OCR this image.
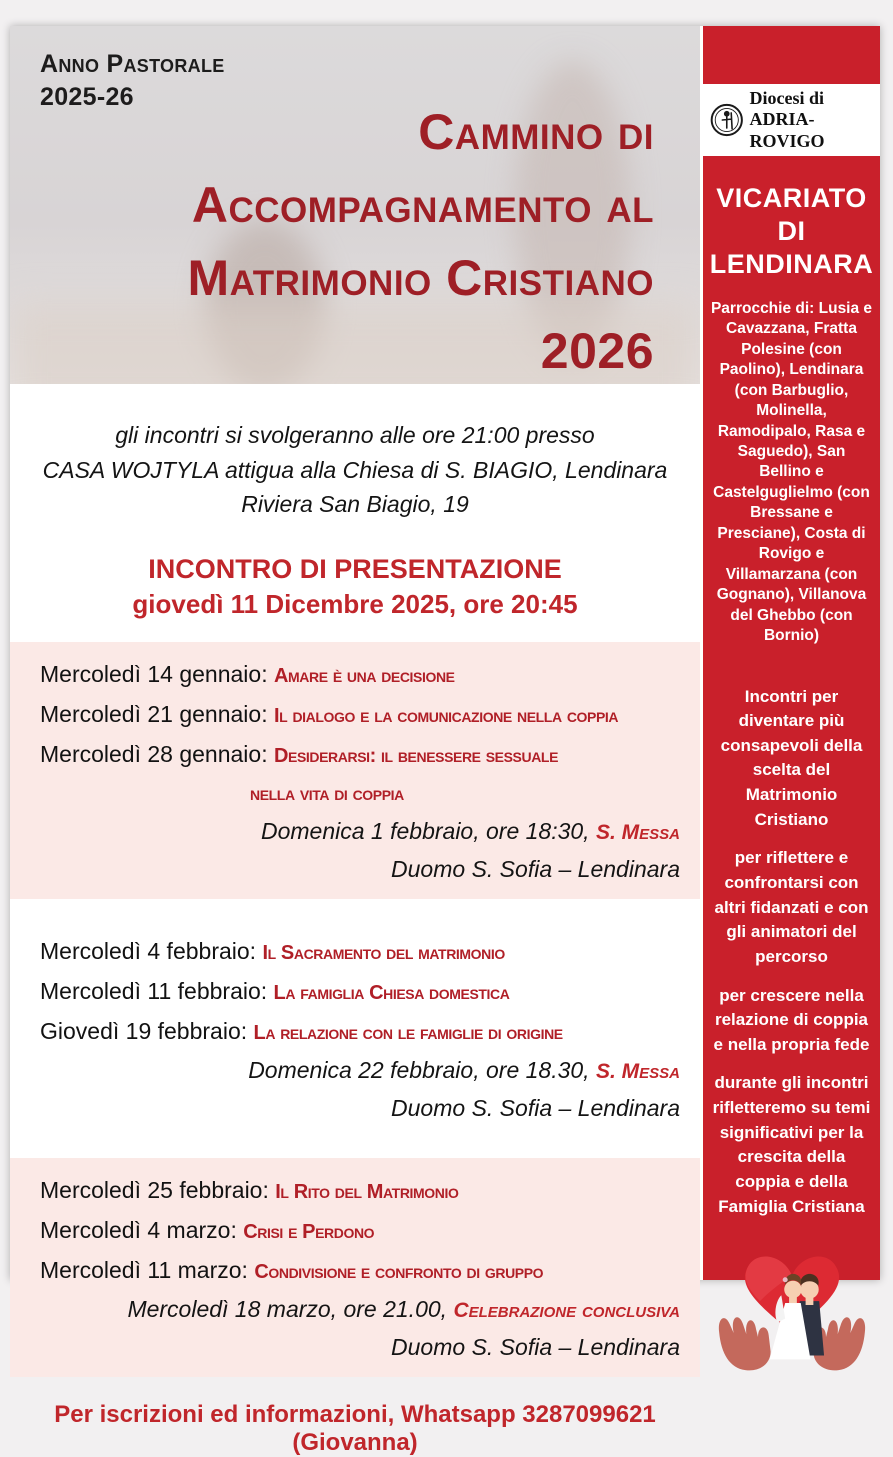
Anno Pastorale
2025-26
Cammino di
Accompagnamento al
Matrimonio Cristiano
2026
gli incontri si svolgeranno alle ore 21:00 presso
CASA WOJTYLA attigua alla Chiesa di S. BIAGIO, Lendinara
Riviera San Biagio, 19
INCONTRO DI PRESENTAZIONE
giovedì 11 Dicembre 2025, ore 20:45
Mercoledì 14 gennaio: Amare è una decisione
Mercoledì 21 gennaio: Il dialogo e la comunicazione nella coppia
Mercoledì 28 gennaio: Desiderarsi: il benessere sessuale
nella vita di coppia
Domenica 1 febbraio, ore 18:30, S. Messa
Duomo S. Sofia – Lendinara
Mercoledì 4 febbraio: Il Sacramento del matrimonio
Mercoledì 11 febbraio: La famiglia Chiesa domestica
Giovedì 19 febbraio: La relazione con le famiglie di origine
Domenica 22 febbraio, ore 18.30, S. Messa
Duomo S. Sofia – Lendinara
Mercoledì 25 febbraio: Il Rito del Matrimonio
Mercoledì 4 marzo: Crisi e Perdono
Mercoledì 11 marzo: Condivisione e confronto di gruppo
Mercoledì 18 marzo, ore 21.00, Celebrazione conclusiva
Duomo S. Sofia – Lendinara
Per iscrizioni ed informazioni, Whatsapp 3287099621 (Giovanna)
Diocesi di
ADRIA-ROVIGO
VICARIATO
DI
LENDINARA
Parrocchie di: Lusia e Cavazzana, Fratta Polesine (con Paolino), Lendinara (con Barbuglio, Molinella, Ramodipalo, Rasa e Saguedo), San Bellino e Castelguglielmo (con Bressane e Presciane), Costa di Rovigo e Villamarzana (con Gognano), Villanova del Ghebbo (con Bornio)

Incontri per diventare più consapevoli della scelta del Matrimonio Cristiano

per riflettere e confrontarsi con altri fidanzati e con gli animatori del percorso

per crescere nella relazione di coppia e nella propria fede

durante gli incontri rifletteremo su temi significativi per la crescita della coppia e della Famiglia Cristiana
